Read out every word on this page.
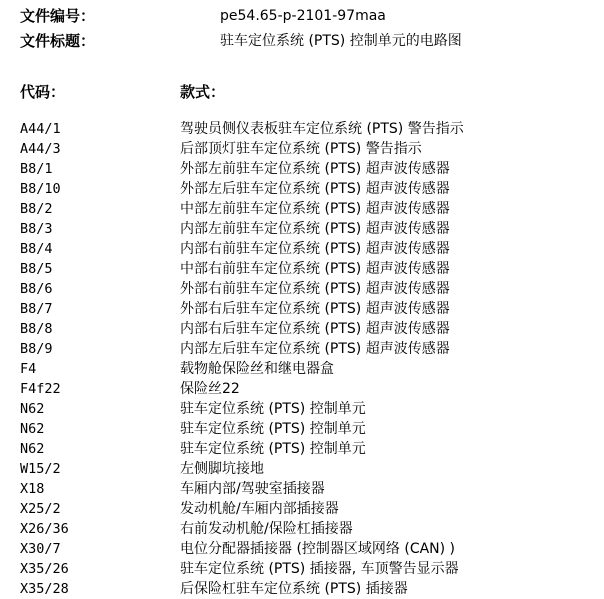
文件编号：	pe54.65-p-2101-97maa
文件标题：	驻车定位系统 (PTS) 控制单元的电路图
代码：	款式：
A44/1	驾驶员侧仪表板驻车定位系统 (PTS) 警告指示
A44/3	后部顶灯驻车定位系统 (PTS) 警告指示
B8/1	外部左前驻车定位系统 (PTS) 超声波传感器
B8/10	外部左后驻车定位系统 (PTS) 超声波传感器
B8/2	中部左前驻车定位系统 (PTS) 超声波传感器
B8/3	内部左前驻车定位系统 (PTS) 超声波传感器
B8/4	内部右前驻车定位系统 (PTS) 超声波传感器
B8/5	中部右前驻车定位系统 (PTS) 超声波传感器
B8/6	外部右前驻车定位系统 (PTS) 超声波传感器
B8/7	外部右后驻车定位系统 (PTS) 超声波传感器
B8/8	内部右后驻车定位系统 (PTS) 超声波传感器
B8/9	内部左后驻车定位系统 (PTS) 超声波传感器
F4	载物舱保险丝和继电器盒
F4f22	保险丝22
N62	驻车定位系统 (PTS) 控制单元
N62	驻车定位系统 (PTS) 控制单元
N62	驻车定位系统 (PTS) 控制单元
W15/2	左侧脚坑接地
X18	车厢内部/驾驶室插接器
X25/2	发动机舱/车厢内部插接器
X26/36	右前发动机舱/保险杠插接器
X30/7	电位分配器插接器 (控制器区域网络 (CAN) )
X35/26	驻车定位系统 (PTS) 插接器, 车顶警告显示器
X35/28	后保险杠驻车定位系统 (PTS) 插接器
